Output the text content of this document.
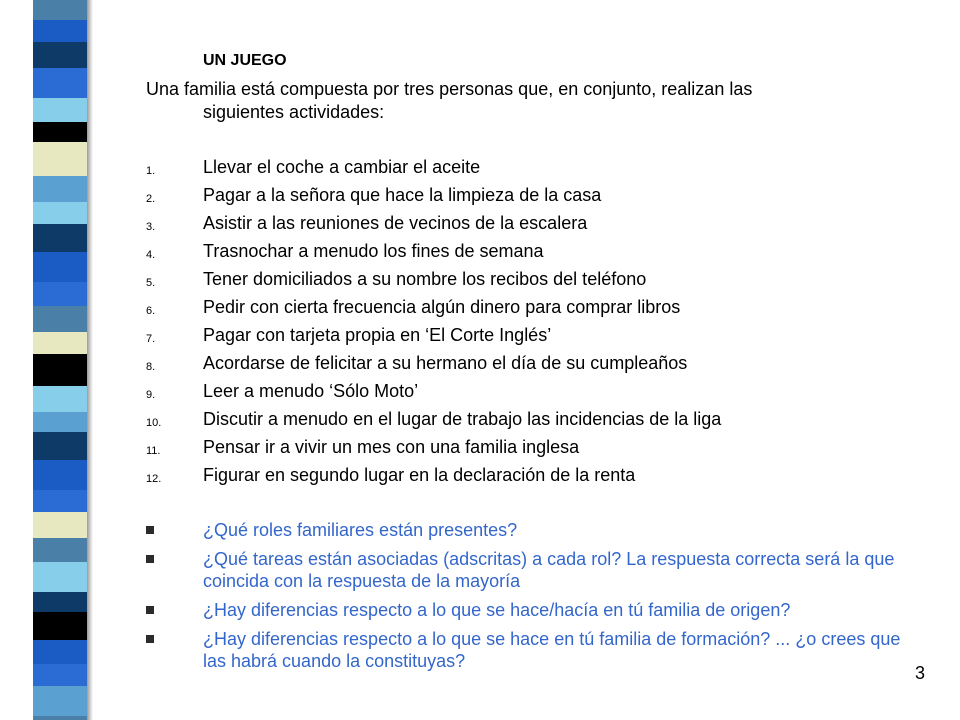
UN JUEGO
Una familia está compuesta por tres personas que, en conjunto, realizan las
siguientes actividades:
1.	Llevar el coche a cambiar el aceite
2.	Pagar a la señora que hace la limpieza de la casa
3.	Asistir a las reuniones de vecinos de la escalera
4.	Trasnochar a menudo los fines de semana
5.	Tener domiciliados a su nombre los recibos del teléfono
6.	Pedir con cierta frecuencia algún dinero para comprar libros
7.	Pagar con tarjeta propia en ‘El Corte Inglés’
8.	Acordarse de felicitar a su hermano el día de su cumpleaños
9.	Leer a menudo ‘Sólo Moto’
10.	Discutir a menudo en el lugar de trabajo las incidencias de la liga
11.	Pensar ir a vivir un mes con una familia inglesa
12.	Figurar en segundo lugar en la declaración de la renta
¿Qué roles familiares están presentes?
¿Qué tareas están asociadas (adscritas) a cada rol? La respuesta correcta será la que coincida con la respuesta de la mayoría
¿Hay diferencias respecto a lo que se hace/hacía en tú familia de origen?
¿Hay diferencias respecto a lo que se hace en tú familia de formación? ... ¿o crees que las habrá cuando la constituyas?
3
